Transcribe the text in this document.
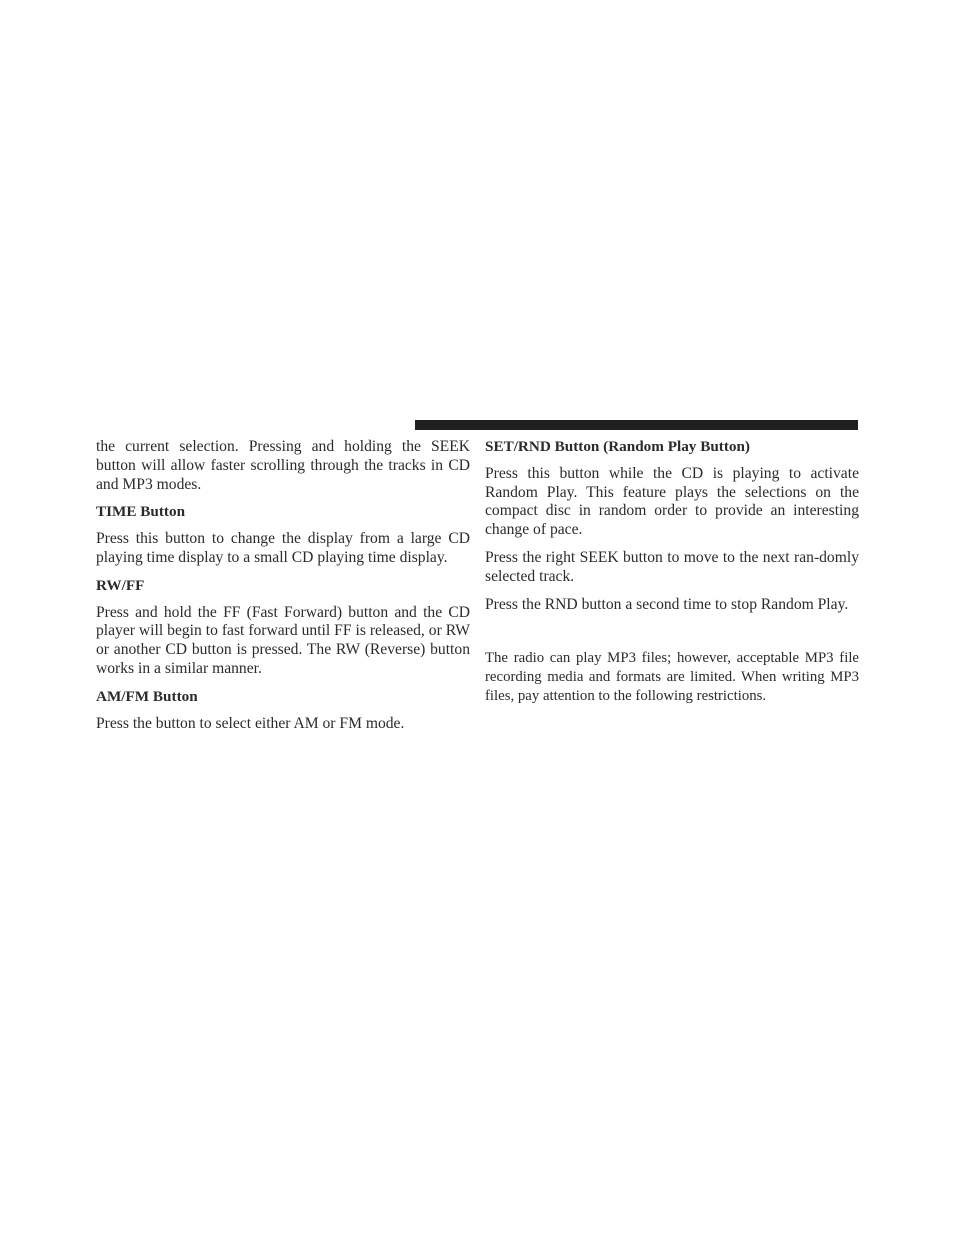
the current selection. Pressing and holding the SEEK button will allow faster scrolling through the tracks in CD and MP3 modes.

TIME Button

Press this button to change the display from a large CD playing time display to a small CD playing time display.

RW/FF

Press and hold the FF (Fast Forward) button and the CD player will begin to fast forward until FF is released, or RW or another CD button is pressed. The RW (Reverse) button works in a similar manner.

AM/FM Button

Press the button to select either AM or FM mode.

SET/RND Button (Random Play Button)

Press this button while the CD is playing to activate Random Play. This feature plays the selections on the compact disc in random order to provide an interesting change of pace.

Press the right SEEK button to move to the next ran-domly selected track.

Press the RND button a second time to stop Random Play.

The radio can play MP3 files; however, acceptable MP3 file recording media and formats are limited. When writing MP3 files, pay attention to the following restrictions.
